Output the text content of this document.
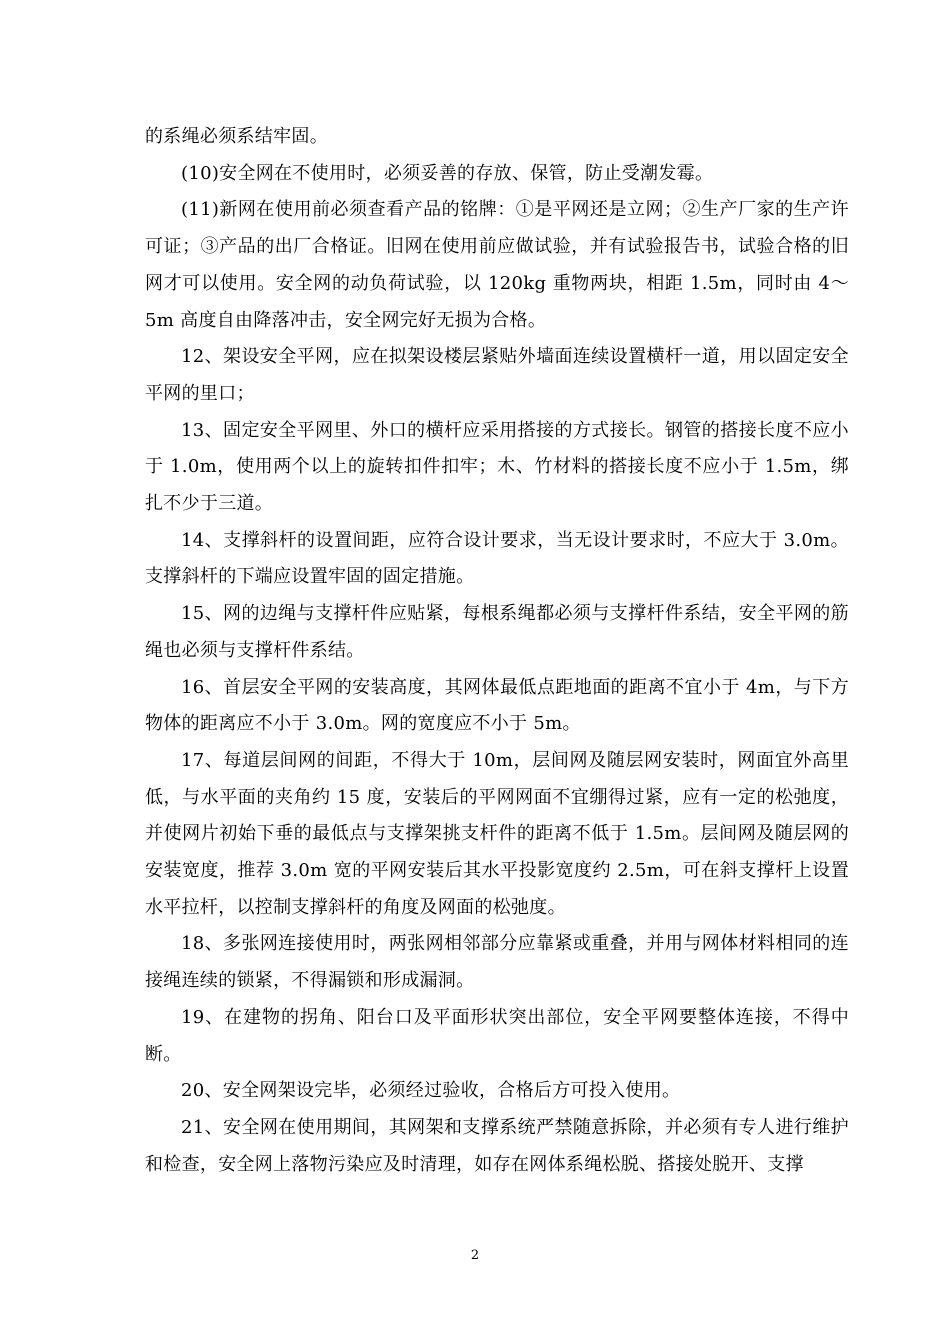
的系绳必须系结牢固。

(10)安全网在不使用时，必须妥善的存放、保管，防止受潮发霉。

(11)新网在使用前必须查看产品的铭牌：①是平网还是立网；②生产厂家的生产许可证；③产品的出厂合格证。旧网在使用前应做试验，并有试验报告书，试验合格的旧网才可以使用。安全网的动负荷试验，以 120kg 重物两块，相距 1.5m，同时由 4～5m 高度自由降落冲击，安全网完好无损为合格。

12、架设安全平网，应在拟架设楼层紧贴外墙面连续设置横杆一道，用以固定安全平网的里口；

13、固定安全平网里、外口的横杆应采用搭接的方式接长。钢管的搭接长度不应小于 1.0m，使用两个以上的旋转扣件扣牢；木、竹材料的搭接长度不应小于 1.5m，绑扎不少于三道。

14、支撑斜杆的设置间距，应符合设计要求，当无设计要求时，不应大于 3.0m。支撑斜杆的下端应设置牢固的固定措施。

15、网的边绳与支撑杆件应贴紧，每根系绳都必须与支撑杆件系结，安全平网的筋绳也必须与支撑杆件系结。

16、首层安全平网的安装高度，其网体最低点距地面的距离不宜小于 4m，与下方物体的距离应不小于 3.0m。网的宽度应不小于 5m。

17、每道层间网的间距，不得大于 10m，层间网及随层网安装时，网面宜外高里低，与水平面的夹角约 15 度，安装后的平网网面不宜绷得过紧，应有一定的松弛度，并使网片初始下垂的最低点与支撑架挑支杆件的距离不低于 1.5m。层间网及随层网的安装宽度，推荐 3.0m 宽的平网安装后其水平投影宽度约 2.5m，可在斜支撑杆上设置水平拉杆，以控制支撑斜杆的角度及网面的松弛度。

18、多张网连接使用时，两张网相邻部分应靠紧或重叠，并用与网体材料相同的连接绳连续的锁紧，不得漏锁和形成漏洞。

19、在建物的拐角、阳台口及平面形状突出部位，安全平网要整体连接，不得中断。

20、安全网架设完毕，必须经过验收，合格后方可投入使用。

21、安全网在使用期间，其网架和支撑系统严禁随意拆除，并必须有专人进行维护和检查，安全网上落物污染应及时清理，如存在网体系绳松脱、搭接处脱开、支撑

2
